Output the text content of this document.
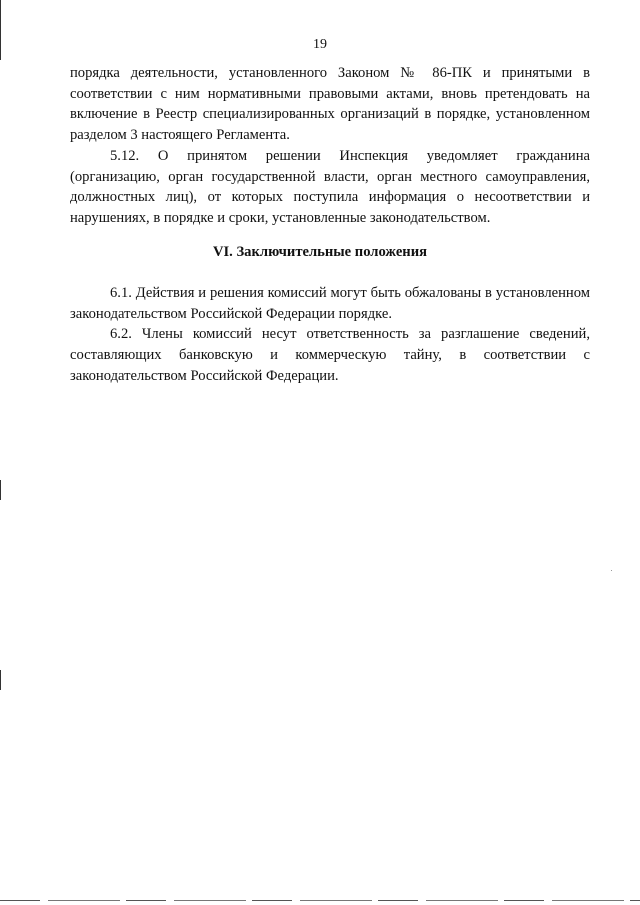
19

порядка деятельности, установленного Законом № 86-ПК и принятыми в соответствии с ним нормативными правовыми актами, вновь претендовать на включение в Реестр специализированных организаций в порядке, установленном разделом 3 настоящего Регламента.

5.12. О принятом решении Инспекция уведомляет гражданина (организацию, орган государственной власти, орган местного самоуправления, должностных лиц), от которых поступила информация о несоответствии и нарушениях, в порядке и сроки, установленные законодательством.

VI. Заключительные положения

6.1. Действия и решения комиссий могут быть обжалованы в установленном законодательством Российской Федерации порядке.

6.2. Члены комиссий несут ответственность за разглашение сведений, составляющих банковскую и коммерческую тайну, в соответствии с законодательством Российской Федерации.
